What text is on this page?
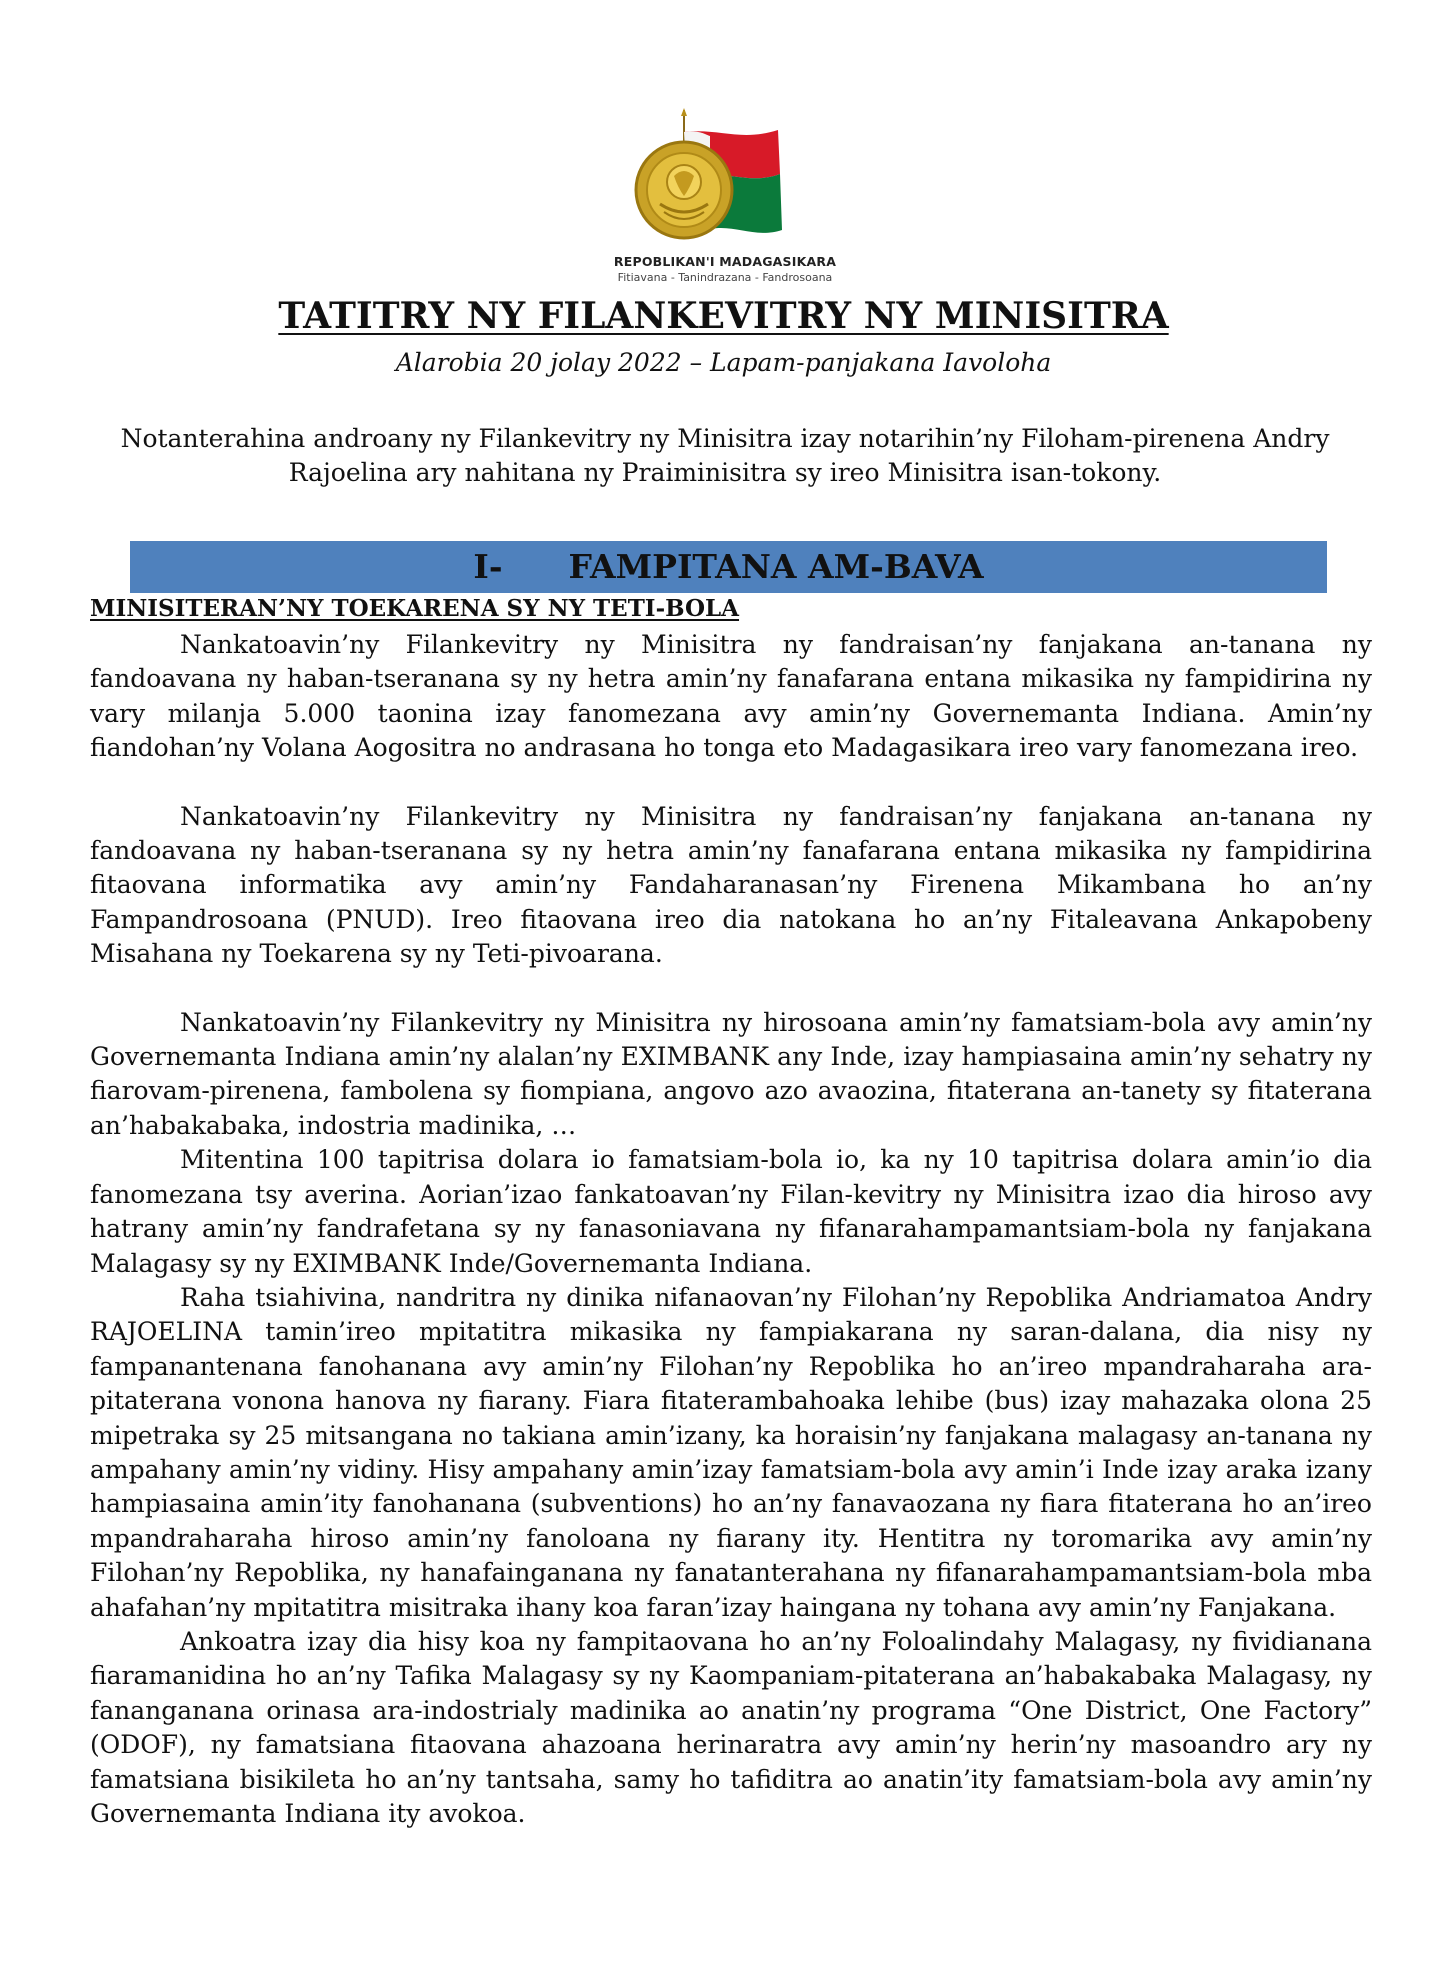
REPOBLIKAN'I MADAGASIKARA
Fitiavana - Tanindrazana - Fandrosoana
TATITRY NY FILANKEVITRY NY MINISITRA
Alarobia 20 jolay 2022 – Lapam-panjakana Iavoloha
Notanterahina androany ny Filankevitry ny Minisitra izay notarihin’ny Filoham-pirenena Andry Rajoelina ary nahitana ny Praiminisitra sy ireo Minisitra isan-tokony.
I- FAMPITANA AM-BAVA
MINISITERAN’NY TOEKARENA SY NY TETI-BOLA

Nankatoavin’ny Filankevitry ny Minisitra ny fandraisan’ny fanjakana an-tanana ny fandoavana ny haban-tseranana sy ny hetra amin’ny fanafarana entana mikasika ny fampidirina ny vary milanja 5.000 taonina izay fanomezana avy amin’ny Governemanta Indiana. Amin’ny fiandohan’ny Volana Aogositra no andrasana ho tonga eto Madagasikara ireo vary fanomezana ireo.

Nankatoavin’ny Filankevitry ny Minisitra ny fandraisan’ny fanjakana an-tanana ny fandoavana ny haban-tseranana sy ny hetra amin’ny fanafarana entana mikasika ny fampidirina fitaovana informatika avy amin’ny Fandaharanasan’ny Firenena Mikambana ho an’ny Fampandrosoana (PNUD). Ireo fitaovana ireo dia natokana ho an’ny Fitaleavana Ankapobeny Misahana ny Toekarena sy ny Teti-pivoarana.

Nankatoavin’ny Filankevitry ny Minisitra ny hirosoana amin’ny famatsiam-bola avy amin’ny Governemanta Indiana amin’ny alalan’ny EXIMBANK any Inde, izay hampiasaina amin’ny sehatry ny fiarovam-pirenena, fambolena sy fiompiana, angovo azo avaozina, fitaterana an-tanety sy fitaterana an’habakabaka, indostria madinika, …

Mitentina 100 tapitrisa dolara io famatsiam-bola io, ka ny 10 tapitrisa dolara amin’io dia fanomezana tsy averina. Aorian’izao fankatoavan’ny Filan-kevitry ny Minisitra izao dia hiroso avy hatrany amin’ny fandrafetana sy ny fanasoniavana ny fifanarahampamantsiam-bola ny fanjakana Malagasy sy ny EXIMBANK Inde/Governemanta Indiana.

Raha tsiahivina, nandritra ny dinika nifanaovan’ny Filohan’ny Repoblika Andriamatoa Andry RAJOELINA tamin’ireo mpitatitra mikasika ny fampiakarana ny saran-dalana, dia nisy ny fampanantenana fanohanana avy amin’ny Filohan’ny Repoblika ho an’ireo mpandraharaha ara-pitaterana vonona hanova ny fiarany. Fiara fitaterambahoaka lehibe (bus) izay mahazaka olona 25 mipetraka sy 25 mitsangana no takiana amin’izany, ka horaisin’ny fanjakana malagasy an-tanana ny ampahany amin’ny vidiny. Hisy ampahany amin’izay famatsiam-bola avy amin’i Inde izay araka izany hampiasaina amin’ity fanohanana (subventions) ho an’ny fanavaozana ny fiara fitaterana ho an’ireo mpandraharaha hiroso amin’ny fanoloana ny fiarany ity. Hentitra ny toromarika avy amin’ny Filohan’ny Repoblika, ny hanafainganana ny fanatanterahana ny fifanarahampamantsiam-bola mba ahafahan’ny mpitatitra misitraka ihany koa faran’izay haingana ny tohana avy amin’ny Fanjakana.

Ankoatra izay dia hisy koa ny fampitaovana ho an’ny Foloalindahy Malagasy, ny fividianana fiaramanidina ho an’ny Tafika Malagasy sy ny Kaompaniam-pitaterana an’habakabaka Malagasy, ny fananganana orinasa ara-indostrialy madinika ao anatin’ny programa “One District, One Factory” (ODOF), ny famatsiana fitaovana ahazoana herinaratra avy amin’ny herin’ny masoandro ary ny famatsiana bisikileta ho an’ny tantsaha, samy ho tafiditra ao anatin’ity famatsiam-bola avy amin’ny Governemanta Indiana ity avokoa.
